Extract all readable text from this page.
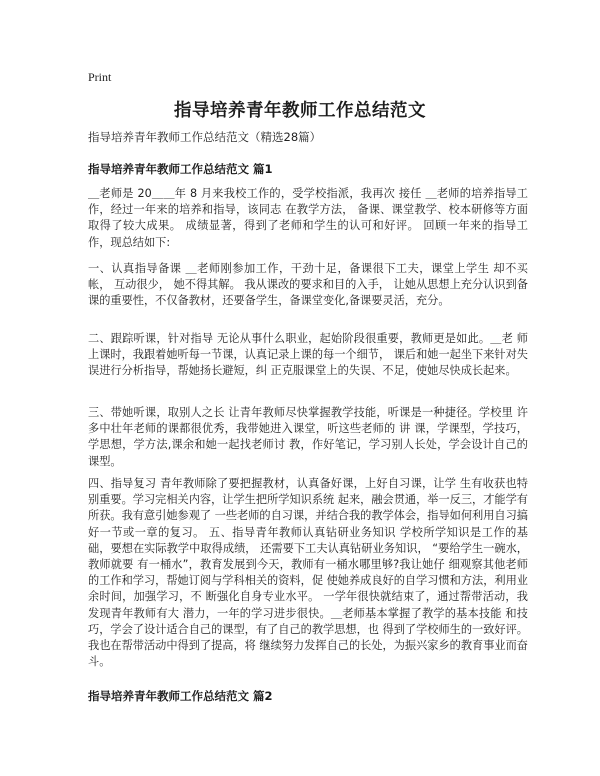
Print
指导培养青年教师工作总结范文
指导培养青年教师工作总结范文（精选28篇）
指导培养青年教师工作总结范文 篇1

＿老师是 20＿＿年 8 月来我校工作的，受学校指派，我再次 接任 ＿老师的培养指导工作，经过一年来的培养和指导，该同志 在教学方法， 备课、课堂教学、校本研修等方面取得了较大成果。 成绩显著，得到了老师和学生的认可和好评。 回顾一年来的指导工作，现总结如下:

一、认真指导备课 ＿老师刚参加工作，干劲十足，备课很下工夫，课堂上学生 却不买帐， 互动很少， 她不得其解。 我从课改的要求和目的入手， 让她从思想上充分认识到备课的重要性，不仅备教材，还要备学生，备课堂变化,备课要灵活，充分。

二、跟踪听课，针对指导 无论从事什么职业，起始阶段很重要，教师更是如此。＿老 师上课时，我跟着她听每一节课，认真记录上课的每一个细节， 课后和她一起坐下来针对失误进行分析指导，帮她扬长避短，纠 正克服课堂上的失误、不足，使她尽快成长起来。

三、带她听课，取别人之长 让青年教师尽快掌握教学技能，听课是一种捷径。学校里 许 多中壮年老师的课都很优秀，我带她进入课堂，听这些老师的 讲 课，学课型，学技巧，学思想，学方法,课余和她一起找老师讨 教，作好笔记，学习别人长处，学会设计自己的课型。

四、指导复习 青年教师除了要把握教材，认真备好课，上好自习课，让学 生有收获也特别重要。学习完相关内容，让学生把所学知识系统 起来，融会贯通，举一反三，才能学有所获。我有意引她参观了 一些老师的自习课，并结合我的教学体会，指导如何利用自习搞 好一节或一章的复习。 五、指导青年教师认真钻研业务知识 学校所学知识是工作的基础，要想在实际教学中取得成绩， 还需要下工夫认真钻研业务知识， “要给学生一碗水，教师就要 有一桶水”，教育发展到今天，教师有一桶水哪里够?我让她仔 细观察其他老师的工作和学习，帮她订阅与学科相关的资料，促 使她养成良好的自学习惯和方法，利用业余时间，加强学习，不 断强化自身专业水平。 一学年很快就结束了，通过帮带活动，我发现青年教师有大 潜力，一年的学习进步很快。＿老师基本掌握了教学的基本技能 和技巧，学会了设计适合自己的课型，有了自己的教学思想，也 得到了学校师生的一致好评。我也在帮带活动中得到了提高，将 继续努力发挥自己的长处，为振兴家乡的教育事业而奋斗。

指导培养青年教师工作总结范文 篇2
